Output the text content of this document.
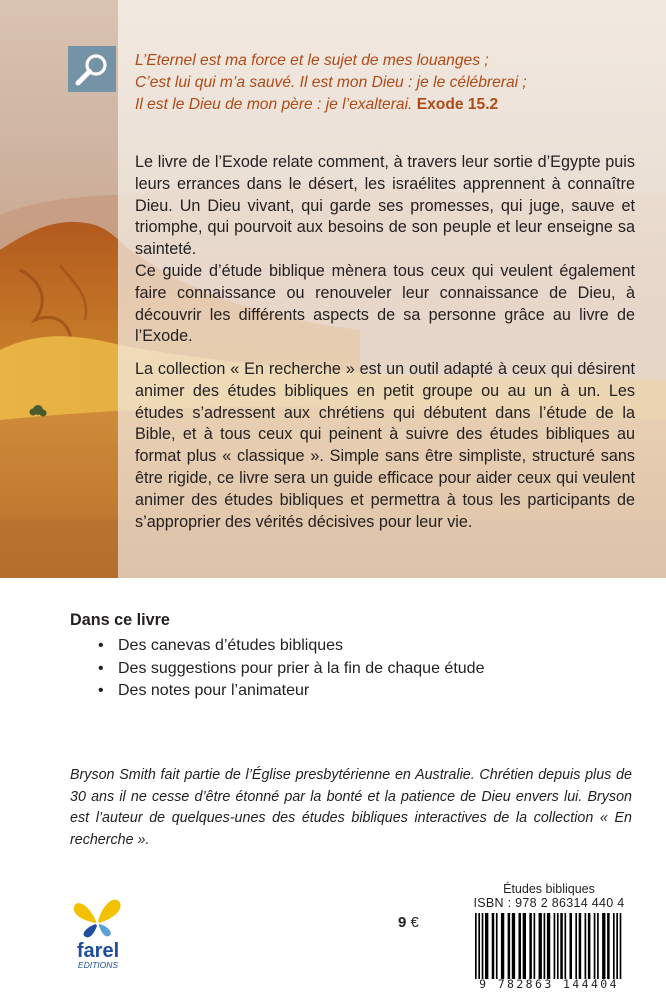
L’Eternel est ma force et le sujet de mes louanges ;
C’est lui qui m’a sauvé. Il est mon Dieu : je le célébrerai ;
Il est le Dieu de mon père : je l’exalterai. Exode 15.2

Le livre de l’Exode relate comment, à travers leur sortie d’Egypte puis leurs errances dans le désert, les israélites apprennent à connaître Dieu. Un Dieu vivant, qui garde ses promesses, qui juge, sauve et triomphe, qui pourvoit aux besoins de son peuple et leur enseigne sa sainteté.

Ce guide d’étude biblique mènera tous ceux qui veulent également faire connaissance ou renouveler leur connaissance de Dieu, à découvrir les différents aspects de sa personne grâce au livre de l’Exode.

La collection « En recherche » est un outil adapté à ceux qui désirent animer des études bibliques en petit groupe ou au un à un. Les études s’adressent aux chrétiens qui débutent dans l’étude de la Bible, et à tous ceux qui peinent à suivre des études bibliques au format plus « classique ». Simple sans être simpliste, structuré sans être rigide, ce livre sera un guide efficace pour aider ceux qui veulent animer des études bibliques et permettra à tous les participants de s’approprier des vérités décisives pour leur vie.

Dans ce livre
• Des canevas d’études bibliques
• Des suggestions pour prier à la fin de chaque étude
• Des notes pour l’animateur
Bryson Smith fait partie de l’Église presbytérienne en Australie. Chrétien depuis plus de 30 ans il ne cesse d’être étonné par la bonté et la patience de Dieu envers lui. Bryson est l’auteur de quelques-unes des études bibliques interactives de la collection « En recherche ».
farel
EDITIONS
9 €
Études bibliques
ISBN : 978 2 86314 440 4
9 782863 144404
